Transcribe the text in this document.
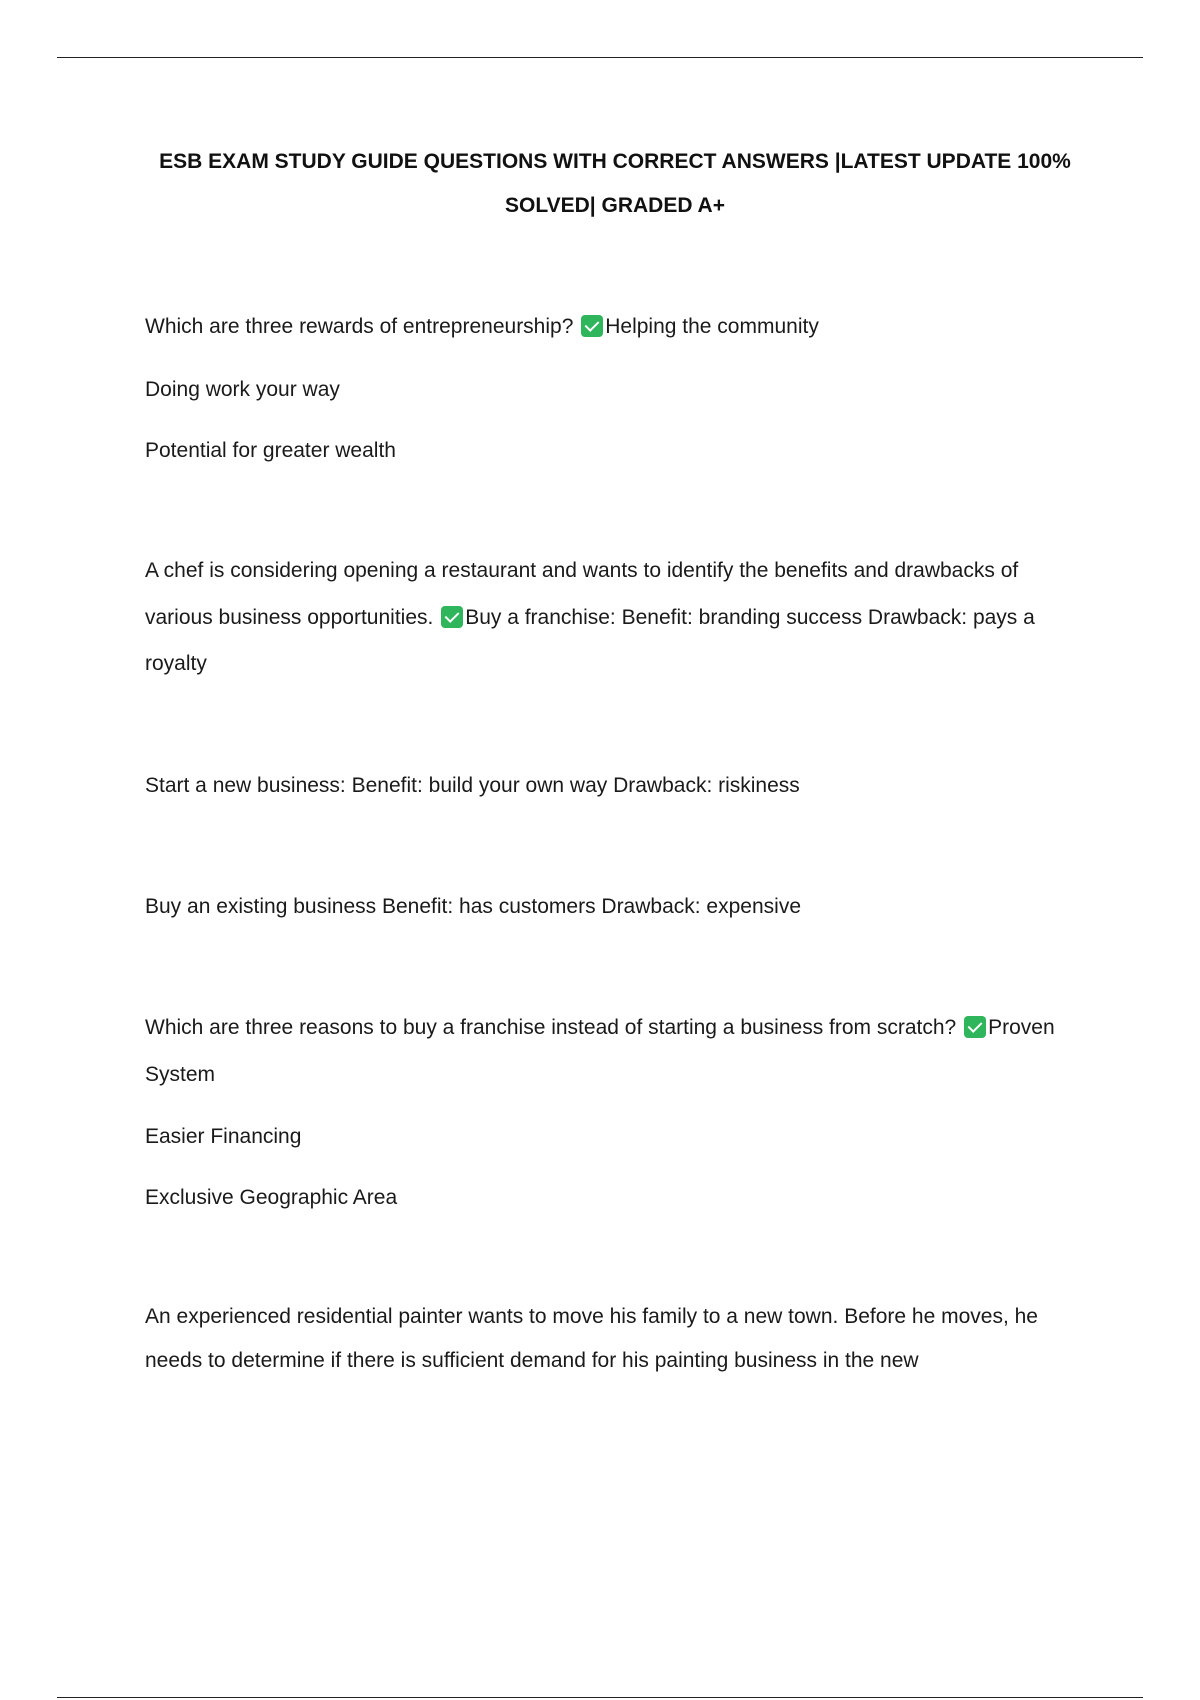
ESB EXAM STUDY GUIDE QUESTIONS WITH CORRECT ANSWERS |LATEST UPDATE 100% SOLVED| GRADED A+
Which are three rewards of entrepreneurship? Helping the community
Doing work your way
Potential for greater wealth
A chef is considering opening a restaurant and wants to identify the benefits and drawbacks of various business opportunities. Buy a franchise: Benefit: branding success Drawback: pays a royalty
Start a new business: Benefit: build your own way Drawback: riskiness
Buy an existing business Benefit: has customers Drawback: expensive
Which are three reasons to buy a franchise instead of starting a business from scratch? Proven System
Easier Financing
Exclusive Geographic Area
An experienced residential painter wants to move his family to a new town. Before he moves, he needs to determine if there is sufficient demand for his painting business in the new
